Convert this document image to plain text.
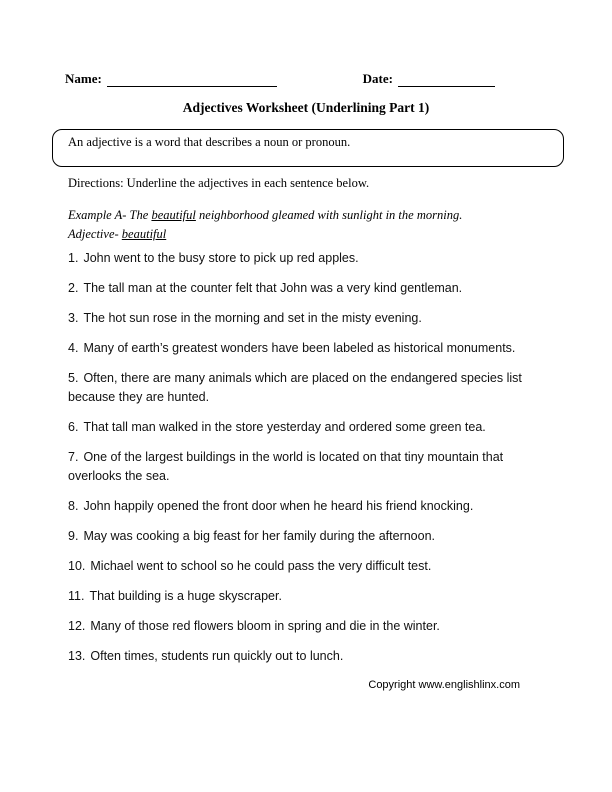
Name:	Date:
Adjectives Worksheet (Underlining Part 1)
An adjective is a word that describes a noun or pronoun.
Directions: Underline the adjectives in each sentence below.

Example A- The beautiful neighborhood gleamed with sunlight in the morning.

Adjective- beautiful

1. John went to the busy store to pick up red apples.

2. The tall man at the counter felt that John was a very kind gentleman.

3. The hot sun rose in the morning and set in the misty evening.

4. Many of earth’s greatest wonders have been labeled as historical monuments.

5. Often, there are many animals which are placed on the endangered species list because they are hunted.

6. That tall man walked in the store yesterday and ordered some green tea.

7. One of the largest buildings in the world is located on that tiny mountain that overlooks the sea.

8. John happily opened the front door when he heard his friend knocking.

9. May was cooking a big feast for her family during the afternoon.

10. Michael went to school so he could pass the very difficult test.

11. That building is a huge skyscraper.

12. Many of those red flowers bloom in spring and die in the winter.

13. Often times, students run quickly out to lunch.

Copyright www.englishlinx.com
